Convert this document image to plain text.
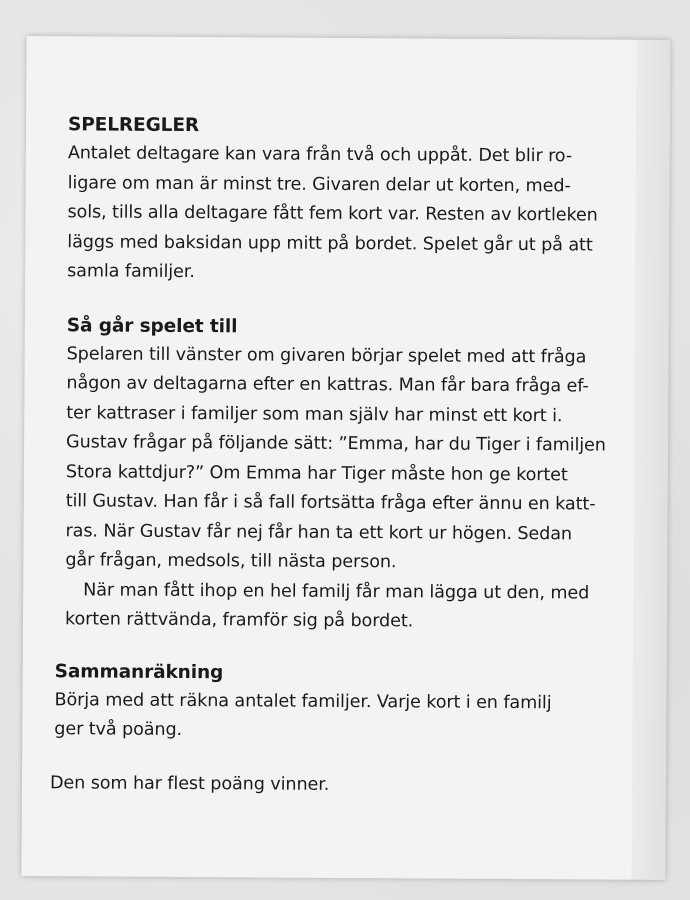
SPELREGLER

Antalet deltagare kan vara från två och uppåt. Det blir ro-
ligare om man är minst tre. Givaren delar ut korten, med-
sols, tills alla deltagare fått fem kort var. Resten av kortleken
läggs med baksidan upp mitt på bordet. Spelet går ut på att
samla familjer.

Så går spelet till

Spelaren till vänster om givaren börjar spelet med att fråga
någon av deltagarna efter en kattras. Man får bara fråga ef-
ter kattraser i familjer som man själv har minst ett kort i.
Gustav frågar på följande sätt: ”Emma, har du Tiger i familjen
Stora kattdjur?” Om Emma har Tiger måste hon ge kortet
till Gustav. Han får i så fall fortsätta fråga efter ännu en katt-
ras. När Gustav får nej får han ta ett kort ur högen. Sedan
går frågan, medsols, till nästa person.
När man fått ihop en hel familj får man lägga ut den, med
korten rättvända, framför sig på bordet.

Sammanräkning

Börja med att räkna antalet familjer. Varje kort i en familj
ger två poäng.
Den som har flest poäng vinner.
